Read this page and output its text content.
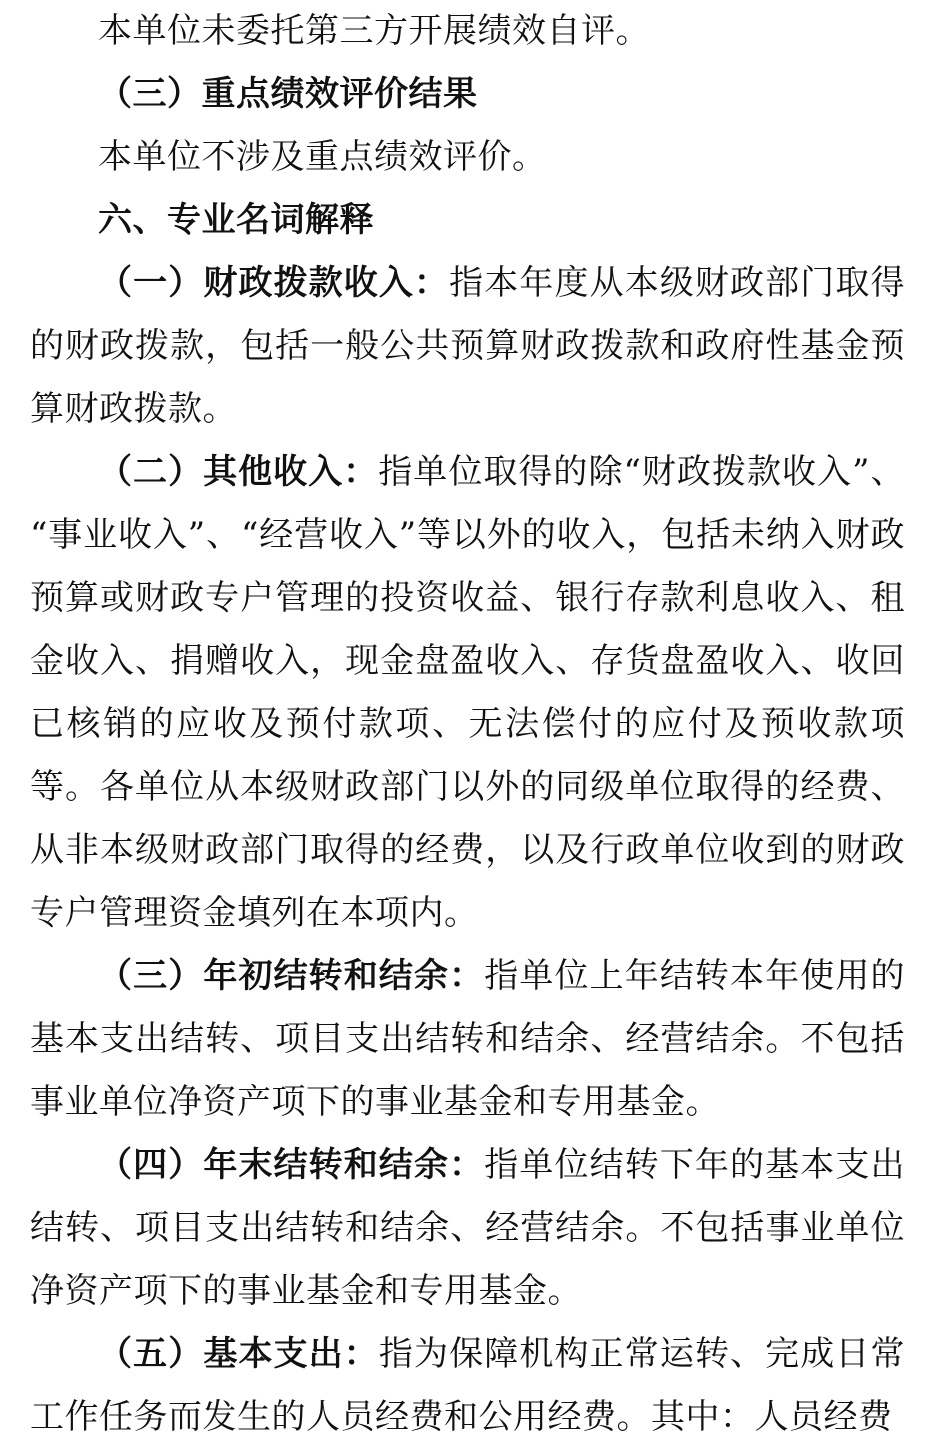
本单位未委托第三方开展绩效自评。

（三）重点绩效评价结果

本单位不涉及重点绩效评价。

六、专业名词解释

（一）财政拨款收入：指本年度从本级财政部门取得的财政拨款，包括一般公共预算财政拨款和政府性基金预算财政拨款。

（二）其他收入：指单位取得的除“财政拨款收入”、“事业收入”、“经营收入”等以外的收入，包括未纳入财政预算或财政专户管理的投资收益、银行存款利息收入、租金收入、捐赠收入，现金盘盈收入、存货盘盈收入、收回已核销的应收及预付款项、无法偿付的应付及预收款项等。各单位从本级财政部门以外的同级单位取得的经费、从非本级财政部门取得的经费，以及行政单位收到的财政专户管理资金填列在本项内。

（三）年初结转和结余：指单位上年结转本年使用的基本支出结转、项目支出结转和结余、经营结余。不包括事业单位净资产项下的事业基金和专用基金。

（四）年末结转和结余：指单位结转下年的基本支出结转、项目支出结转和结余、经营结余。不包括事业单位净资产项下的事业基金和专用基金。

（五）基本支出：指为保障机构正常运转、完成日常工作任务而发生的人员经费和公用经费。其中：人员经费
